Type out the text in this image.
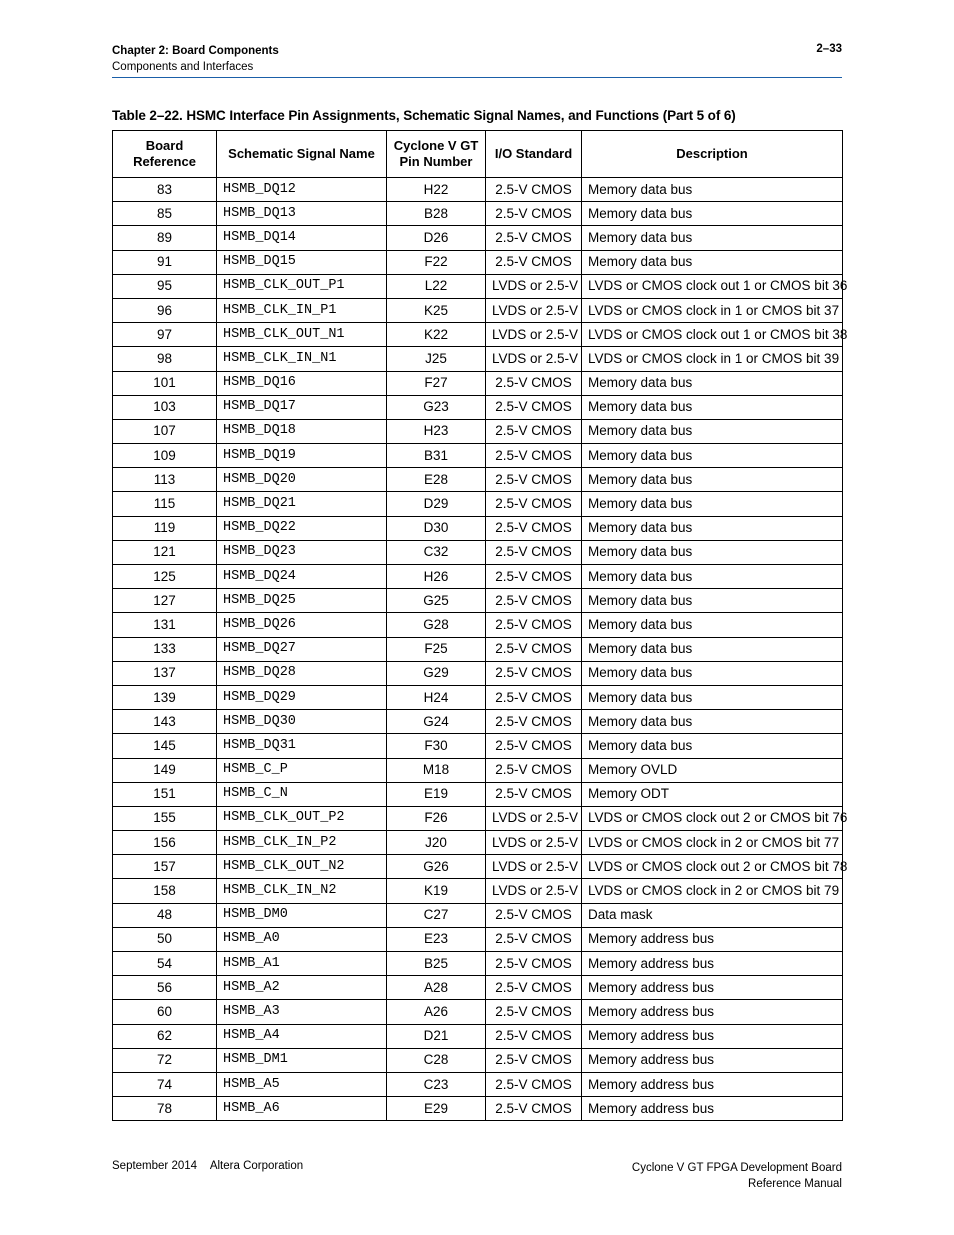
Chapter 2: Board Components
Components and Interfaces
2–33
Table 2–22. HSMC Interface Pin Assignments, Schematic Signal Names, and Functions (Part 5 of 6)
Board Reference	Schematic Signal Name	Cyclone V GT Pin Number	I/O Standard	Description
83	HSMB_DQ12	H22	2.5-V CMOS	Memory data bus
85	HSMB_DQ13	B28	2.5-V CMOS	Memory data bus
89	HSMB_DQ14	D26	2.5-V CMOS	Memory data bus
91	HSMB_DQ15	F22	2.5-V CMOS	Memory data bus
95	HSMB_CLK_OUT_P1	L22	LVDS or 2.5-V	LVDS or CMOS clock out 1 or CMOS bit 36
96	HSMB_CLK_IN_P1	K25	LVDS or 2.5-V	LVDS or CMOS clock in 1 or CMOS bit 37
97	HSMB_CLK_OUT_N1	K22	LVDS or 2.5-V	LVDS or CMOS clock out 1 or CMOS bit 38
98	HSMB_CLK_IN_N1	J25	LVDS or 2.5-V	LVDS or CMOS clock in 1 or CMOS bit 39
101	HSMB_DQ16	F27	2.5-V CMOS	Memory data bus
103	HSMB_DQ17	G23	2.5-V CMOS	Memory data bus
107	HSMB_DQ18	H23	2.5-V CMOS	Memory data bus
109	HSMB_DQ19	B31	2.5-V CMOS	Memory data bus
113	HSMB_DQ20	E28	2.5-V CMOS	Memory data bus
115	HSMB_DQ21	D29	2.5-V CMOS	Memory data bus
119	HSMB_DQ22	D30	2.5-V CMOS	Memory data bus
121	HSMB_DQ23	C32	2.5-V CMOS	Memory data bus
125	HSMB_DQ24	H26	2.5-V CMOS	Memory data bus
127	HSMB_DQ25	G25	2.5-V CMOS	Memory data bus
131	HSMB_DQ26	G28	2.5-V CMOS	Memory data bus
133	HSMB_DQ27	F25	2.5-V CMOS	Memory data bus
137	HSMB_DQ28	G29	2.5-V CMOS	Memory data bus
139	HSMB_DQ29	H24	2.5-V CMOS	Memory data bus
143	HSMB_DQ30	G24	2.5-V CMOS	Memory data bus
145	HSMB_DQ31	F30	2.5-V CMOS	Memory data bus
149	HSMB_C_P	M18	2.5-V CMOS	Memory OVLD
151	HSMB_C_N	E19	2.5-V CMOS	Memory ODT
155	HSMB_CLK_OUT_P2	F26	LVDS or 2.5-V	LVDS or CMOS clock out 2 or CMOS bit 76
156	HSMB_CLK_IN_P2	J20	LVDS or 2.5-V	LVDS or CMOS clock in 2 or CMOS bit 77
157	HSMB_CLK_OUT_N2	G26	LVDS or 2.5-V	LVDS or CMOS clock out 2 or CMOS bit 78
158	HSMB_CLK_IN_N2	K19	LVDS or 2.5-V	LVDS or CMOS clock in 2 or CMOS bit 79
48	HSMB_DM0	C27	2.5-V CMOS	Data mask
50	HSMB_A0	E23	2.5-V CMOS	Memory address bus
54	HSMB_A1	B25	2.5-V CMOS	Memory address bus
56	HSMB_A2	A28	2.5-V CMOS	Memory address bus
60	HSMB_A3	A26	2.5-V CMOS	Memory address bus
62	HSMB_A4	D21	2.5-V CMOS	Memory address bus
72	HSMB_DM1	C28	2.5-V CMOS	Memory address bus
74	HSMB_A5	C23	2.5-V CMOS	Memory address bus
78	HSMB_A6	E29	2.5-V CMOS	Memory address bus
September 2014 Altera Corporation	Cyclone V GT FPGA Development Board
Reference Manual
